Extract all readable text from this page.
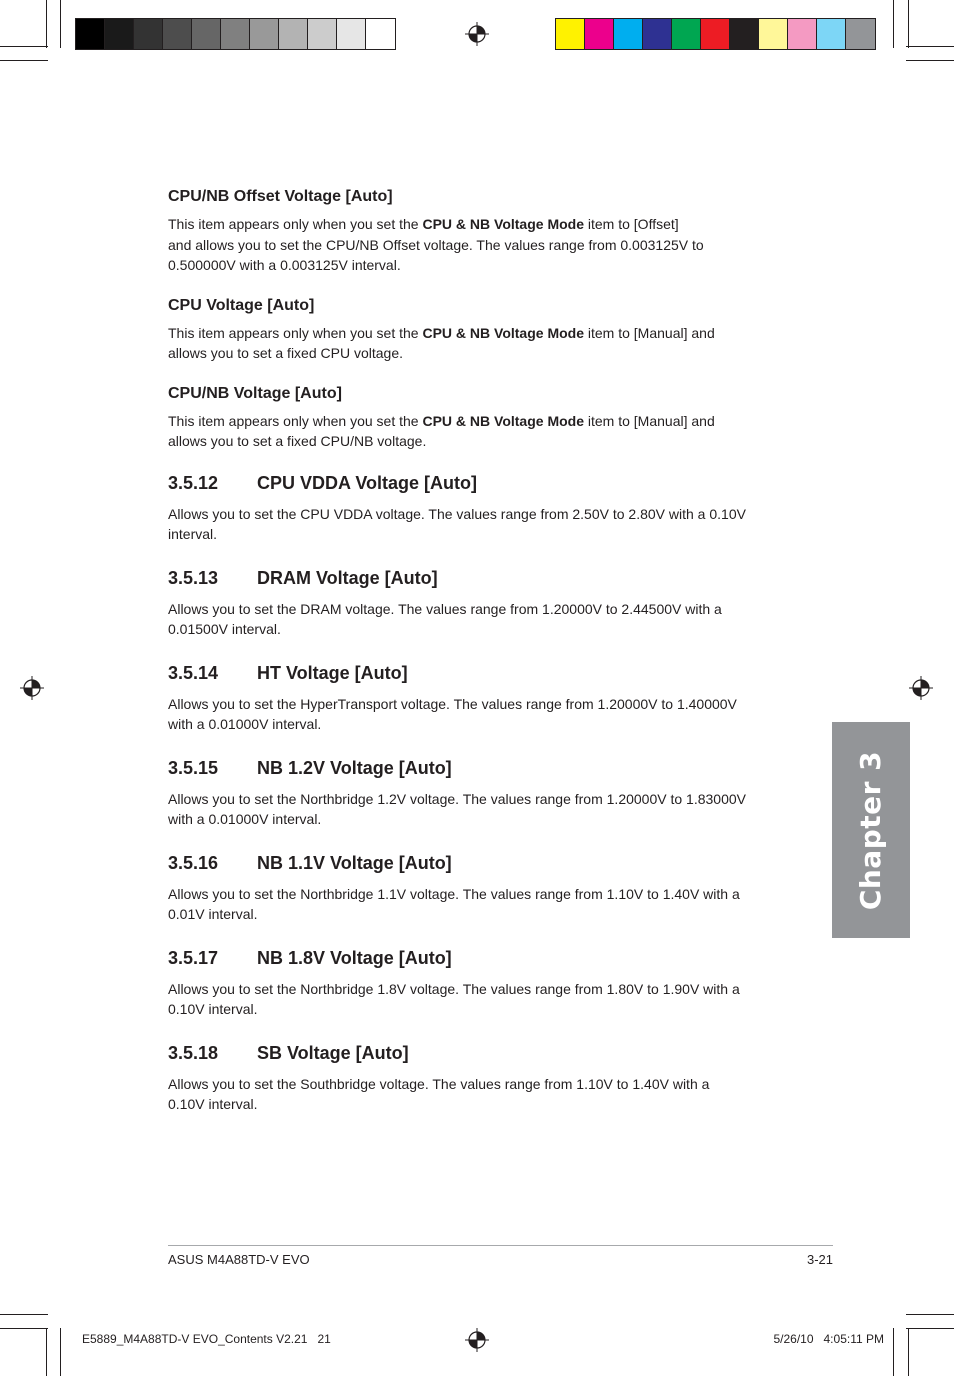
CPU/NB Offset Voltage [Auto]

This item appears only when you set the CPU & NB Voltage Mode item to [Offset]
and allows you to set the CPU/NB Offset voltage. The values range from 0.003125V to
0.500000V with a 0.003125V interval.

CPU Voltage [Auto]

This item appears only when you set the CPU & NB Voltage Mode item to [Manual] and
allows you to set a fixed CPU voltage.

CPU/NB Voltage [Auto]

This item appears only when you set the CPU & NB Voltage Mode item to [Manual] and
allows you to set a fixed CPU/NB voltage.

3.5.12	CPU VDDA Voltage [Auto]

Allows you to set the CPU VDDA voltage. The values range from 2.50V to 2.80V with a 0.10V
interval.

3.5.13	DRAM Voltage [Auto]

Allows you to set the DRAM voltage. The values range from 1.20000V to 2.44500V with a
0.01500V interval.

3.5.14	HT Voltage [Auto]

Allows you to set the HyperTransport voltage. The values range from 1.20000V to 1.40000V
with a 0.01000V interval.

3.5.15	NB 1.2V Voltage [Auto]

Allows you to set the Northbridge 1.2V voltage. The values range from 1.20000V to 1.83000V
with a 0.01000V interval.

3.5.16	NB 1.1V Voltage [Auto]

Allows you to set the Northbridge 1.1V voltage. The values range from 1.10V to 1.40V with a
0.01V interval.

3.5.17	NB 1.8V Voltage [Auto]

Allows you to set the Northbridge 1.8V voltage. The values range from 1.80V to 1.90V with a
0.10V interval.

3.5.18	SB Voltage [Auto]

Allows you to set the Southbridge voltage. The values range from 1.10V to 1.40V with a
0.10V interval.

Chapter 3
ASUS M4A88TD-V EVO	3-21
E5889_M4A88TD-V EVO_Contents V2.21   21	5/26/10   4:05:11 PM
